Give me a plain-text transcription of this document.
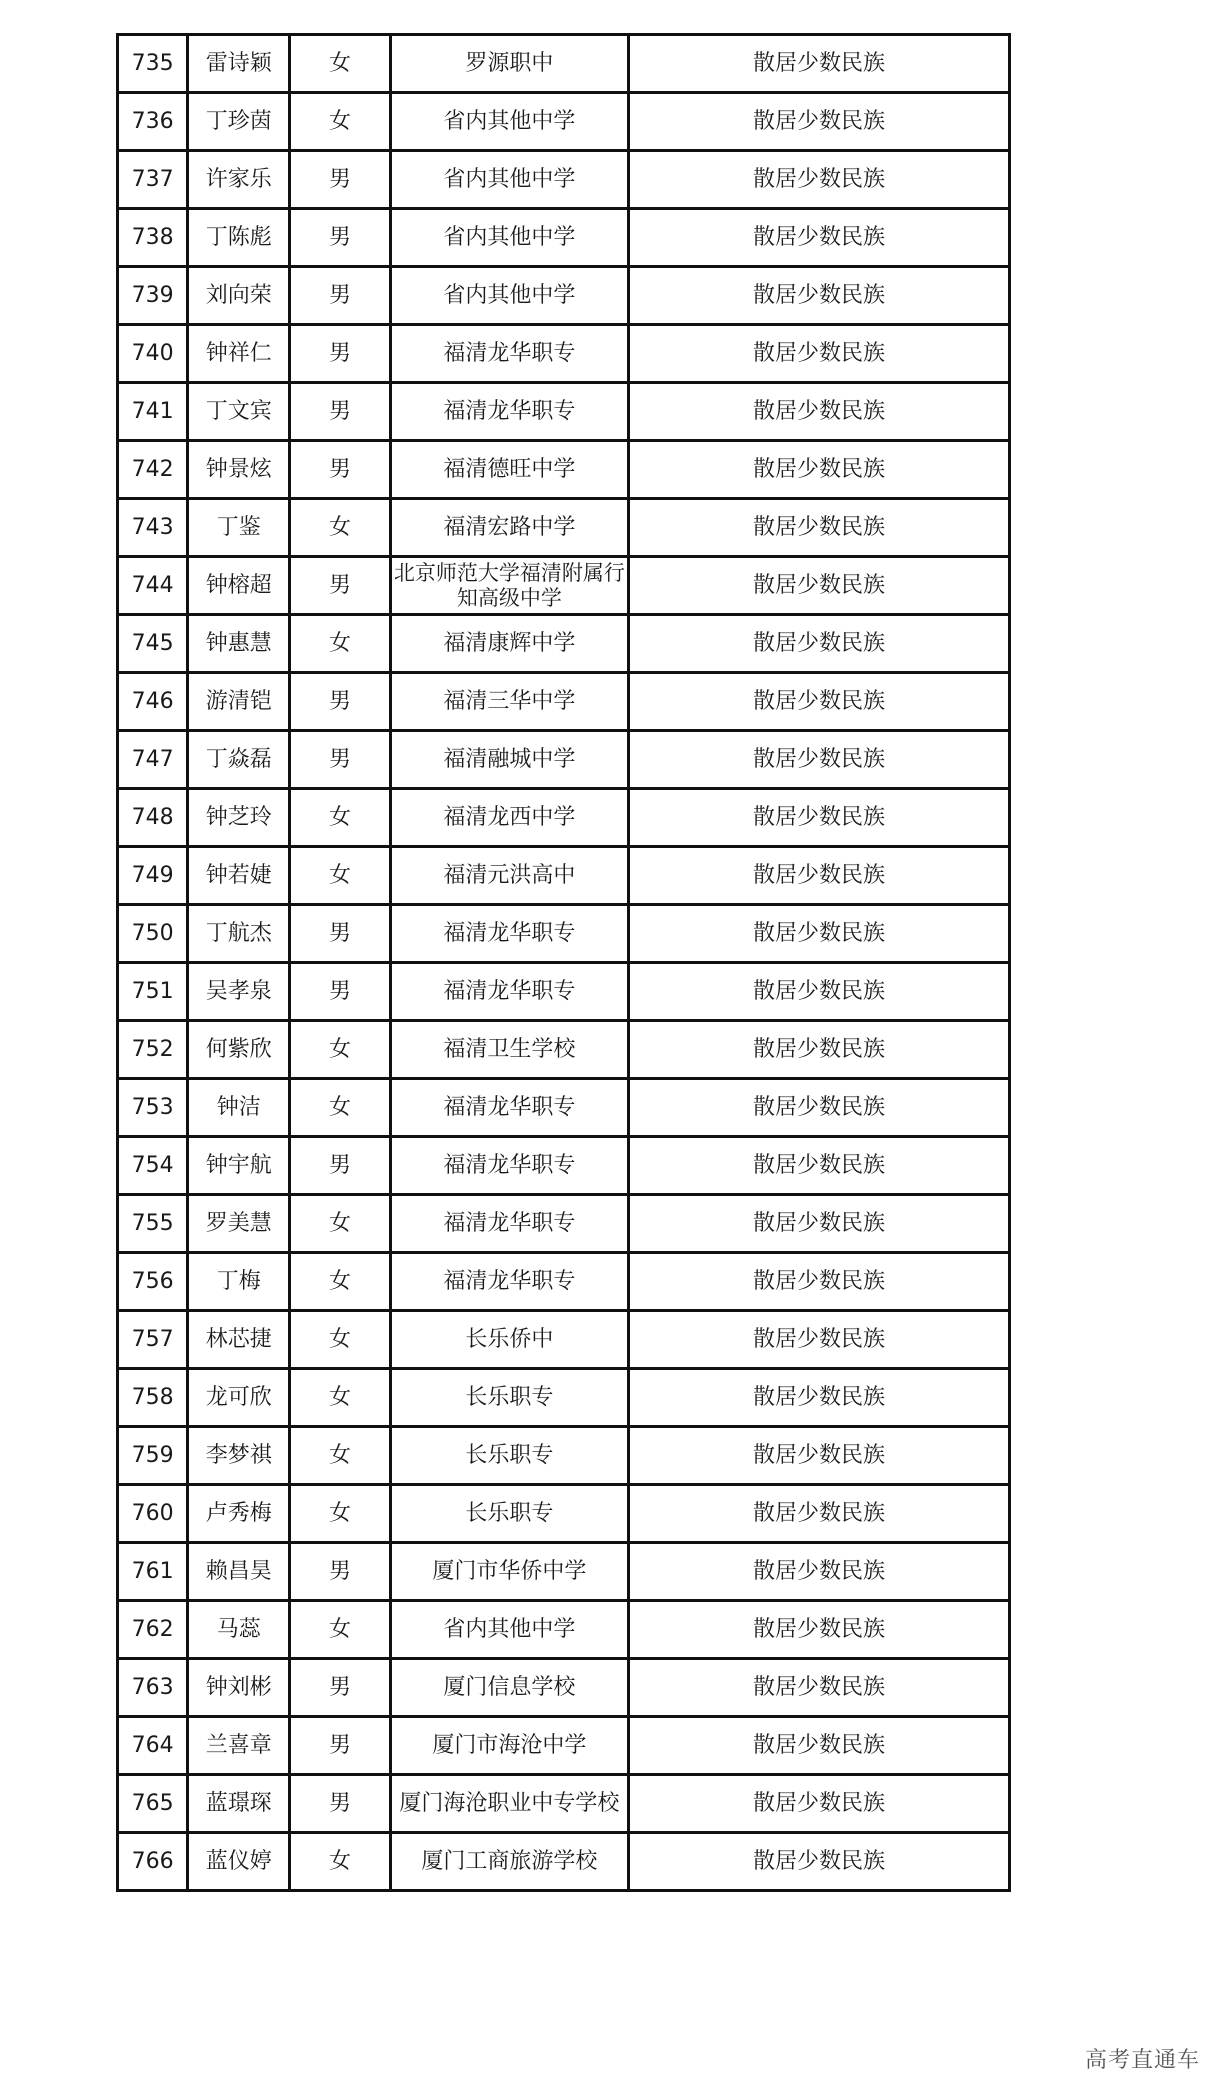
735	雷诗颖	女	罗源职中	散居少数民族
736	丁珍茵	女	省内其他中学	散居少数民族
737	许家乐	男	省内其他中学	散居少数民族
738	丁陈彪	男	省内其他中学	散居少数民族
739	刘向荣	男	省内其他中学	散居少数民族
740	钟祥仁	男	福清龙华职专	散居少数民族
741	丁文宾	男	福清龙华职专	散居少数民族
742	钟景炫	男	福清德旺中学	散居少数民族
743	丁鉴	女	福清宏路中学	散居少数民族
744	钟榕超	男	北京师范大学福清附属行知高级中学	散居少数民族
745	钟惠慧	女	福清康辉中学	散居少数民族
746	游清铠	男	福清三华中学	散居少数民族
747	丁焱磊	男	福清融城中学	散居少数民族
748	钟芝玲	女	福清龙西中学	散居少数民族
749	钟若婕	女	福清元洪高中	散居少数民族
750	丁航杰	男	福清龙华职专	散居少数民族
751	吴孝泉	男	福清龙华职专	散居少数民族
752	何紫欣	女	福清卫生学校	散居少数民族
753	钟洁	女	福清龙华职专	散居少数民族
754	钟宇航	男	福清龙华职专	散居少数民族
755	罗美慧	女	福清龙华职专	散居少数民族
756	丁梅	女	福清龙华职专	散居少数民族
757	林芯捷	女	长乐侨中	散居少数民族
758	龙可欣	女	长乐职专	散居少数民族
759	李梦祺	女	长乐职专	散居少数民族
760	卢秀梅	女	长乐职专	散居少数民族
761	赖昌昊	男	厦门市华侨中学	散居少数民族
762	马蕊	女	省内其他中学	散居少数民族
763	钟刘彬	男	厦门信息学校	散居少数民族
764	兰喜章	男	厦门市海沧中学	散居少数民族
765	蓝璟琛	男	厦门海沧职业中专学校	散居少数民族
766	蓝仪婷	女	厦门工商旅游学校	散居少数民族
高考直通车
